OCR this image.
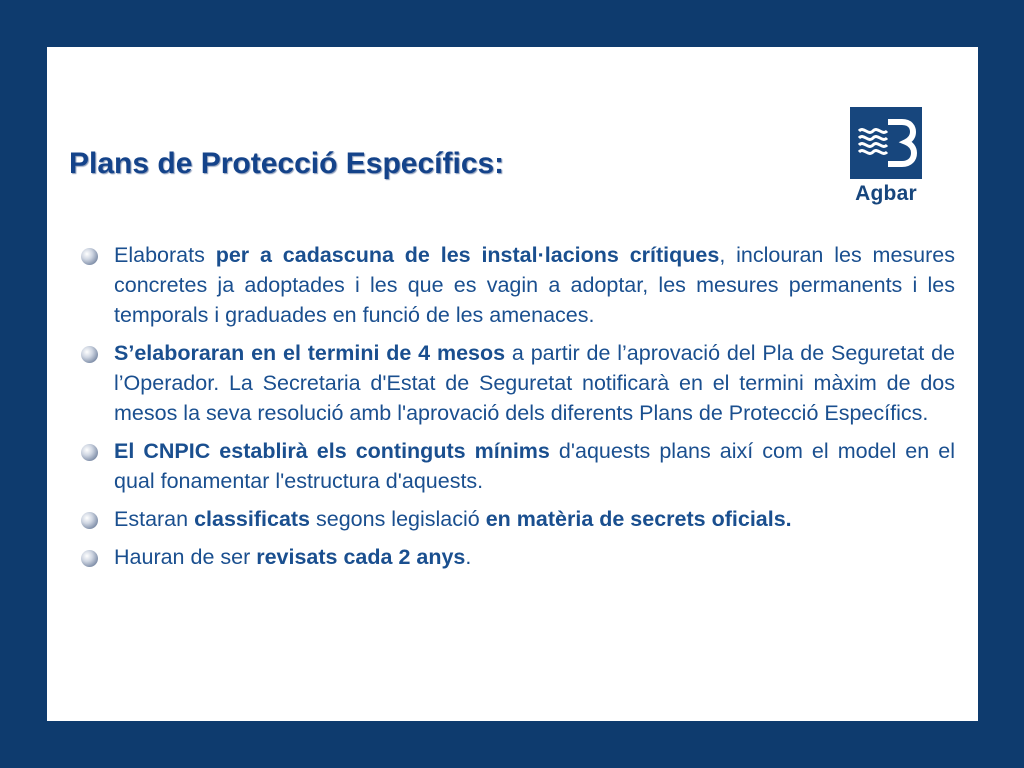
Plans de Protecció Específics:
Agbar
Elaborats per a cadascuna de les instal·lacions crítiques, inclouran les mesures concretes ja adoptades i les que es vagin a adoptar, les mesures permanents i les temporals i graduades en funció de les amenaces.
S’elaboraran en el termini de 4 mesos a partir de l’aprovació del Pla de Seguretat de l’Operador. La Secretaria d'Estat de Seguretat notificarà en el termini màxim de dos mesos la seva resolució amb l'aprovació dels diferents Plans de Protecció Específics.
El CNPIC establirà els continguts mínims d'aquests plans així com el model en el qual fonamentar l'estructura d'aquests.
Estaran classificats segons legislació en matèria de secrets oficials.
Hauran de ser revisats cada 2 anys.
